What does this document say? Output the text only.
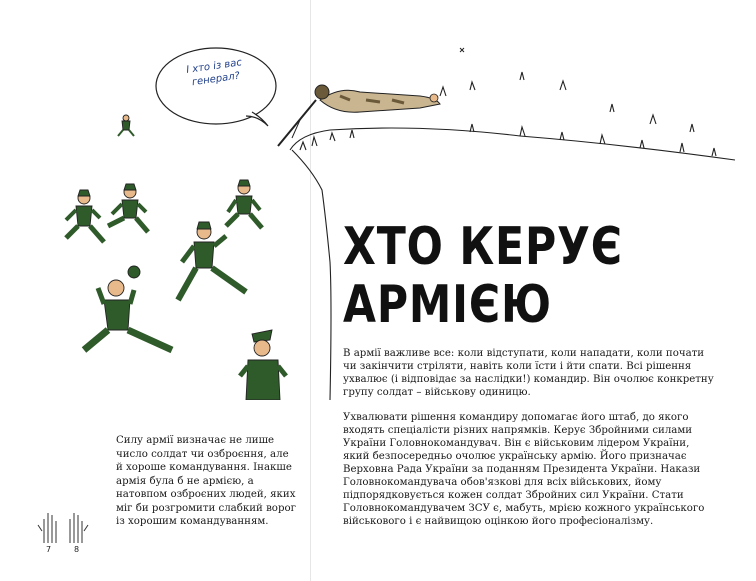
І хто із вас генерал?
ХТО КЕРУЄ
АРМІЄЮ

В армії важливе все: коли відступати, коли нападати, коли почати чи закінчити стріляти, навіть коли їсти і йти спати. Всі рішення ухвалює (і відповідає за наслідки!) командир. Він очолює конкретну групу солдат – військову одиницю.

Ухвалювати рішення командиру допомагає його штаб, до якого входять спеціалісти різних напрямків. Керує Збройними силами України Головнокомандувач. Він є військовим лідером України, який безпосередньо очолює українську армію. Його призначає Верховна Рада України за поданням Президента України. Накази Головнокомандувача обов'язкові для всіх військових, йому підпорядковується кожен солдат Збройних сил України. Стати Головнокомандувачем ЗСУ є, мабуть, мрією кожного українського військового і є найвищою оцінкою його професіоналізму.

Силу армії визначає не лише число солдат чи озброєння, але й хороше командування. Інакше армія була б не армією, а натовпом озброєних людей, яких міг би розгромити слабкий ворог із хорошим командуванням.

7	8
